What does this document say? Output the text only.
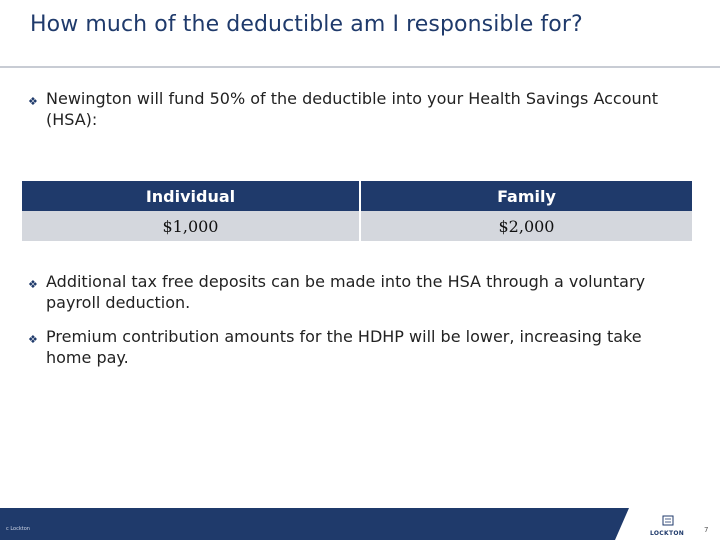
How much of the deductible am I responsible for?
❖ Newington will fund 50% of the deductible into your Health Savings Account (HSA):
Individual	Family
$1,000	$2,000
❖ Additional tax free deposits can be made into the HSA through a voluntary payroll deduction.
❖ Premium contribution amounts for the HDHP will be lower, increasing take home pay.
c Lockton
LOCKTON	7
